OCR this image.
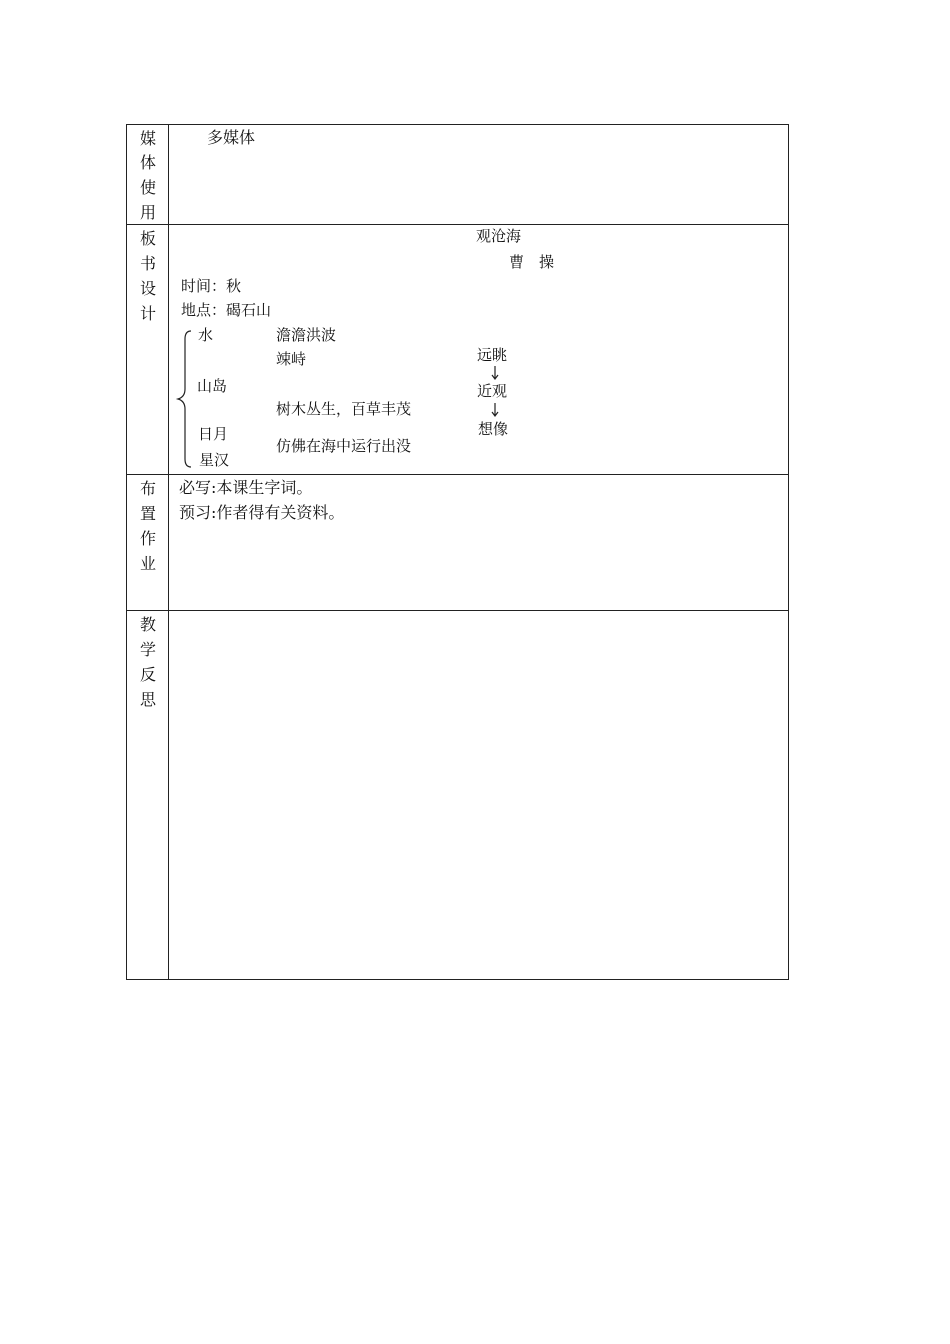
媒
体
使
用
多媒体
板
书
设
计
观沧海
曹　操
时间：秋
地点：碣石山
水
山岛
日月
星汉
澹澹洪波
竦峙
树木丛生，百草丰茂
仿佛在海中运行出没
远眺
近观
想像
布
置
作
业
必写:本课生字词。
预习:作者得有关资料。
教
学
反
思
